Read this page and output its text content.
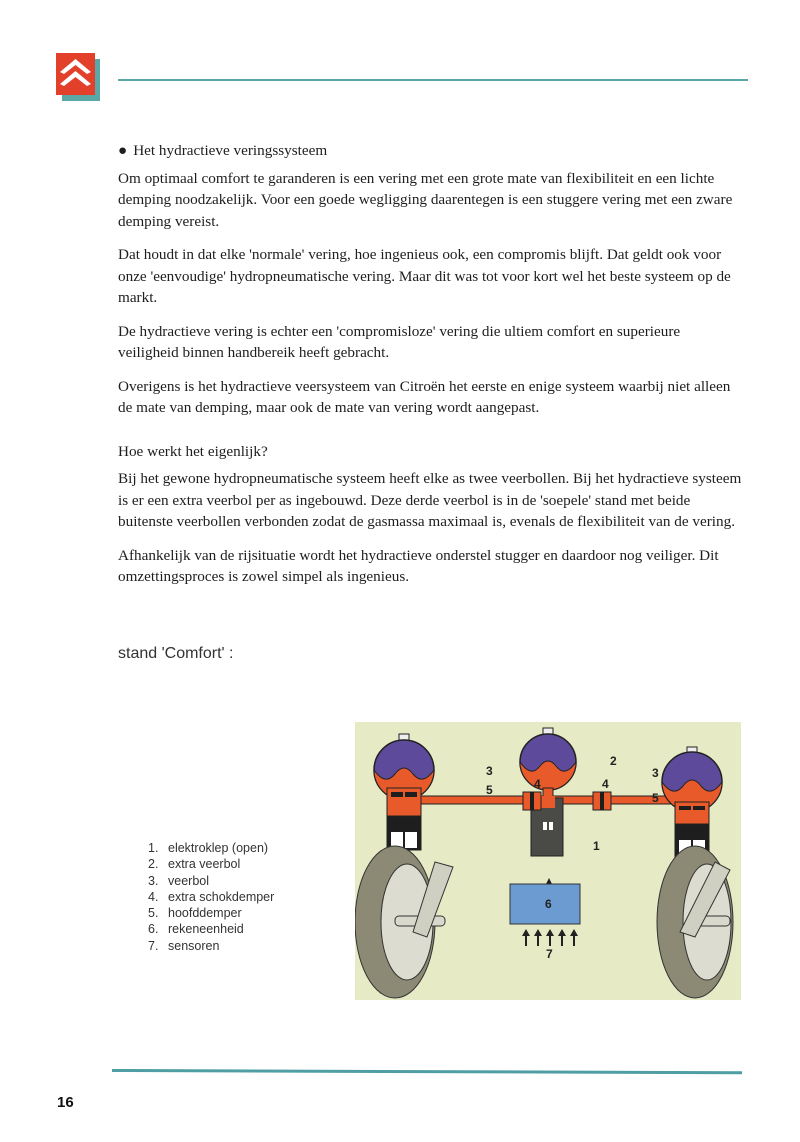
● Het hydractieve veringssysteem

Om optimaal comfort te garanderen is een vering met een grote mate van flexibiliteit en een lichte demping noodzakelijk. Voor een goede wegligging daarentegen is een stuggere vering met een zware demping vereist.

Dat houdt in dat elke 'normale' vering, hoe ingenieus ook, een compromis blijft. Dat geldt ook voor onze 'eenvoudige' hydropneumatische vering. Maar dit was tot voor kort wel het beste systeem op de markt.

De hydractieve vering is echter een 'compromisloze' vering die ultiem comfort en superieure veiligheid binnen handbereik heeft gebracht.

Overigens is het hydractieve veersysteem van Citroën het eerste en enige systeem waarbij niet alleen de mate van demping, maar ook de mate van vering wordt aangepast.

Hoe werkt het eigenlijk?

Bij het gewone hydropneumatische systeem heeft elke as twee veerbollen. Bij het hydractieve systeem is er een extra veerbol per as ingebouwd. Deze derde veerbol is in de 'soepele' stand met beide buitenste veerbollen verbonden zodat de gasmassa maximaal is, evenals de flexibiliteit van de vering.

Afhankelijk van de rijsituatie wordt het hydractieve onderstel stugger en daardoor nog veiliger. Dit omzettingsproces is zowel simpel als ingenieus.

stand 'Comfort' :
1. elektroklep (open)
2. extra veerbol
3. veerbol
4. extra schokdemper
5. hoofddemper
6. rekeneenheid
7. sensoren
3
5	4
2
4
3
5
1
6
7
16
